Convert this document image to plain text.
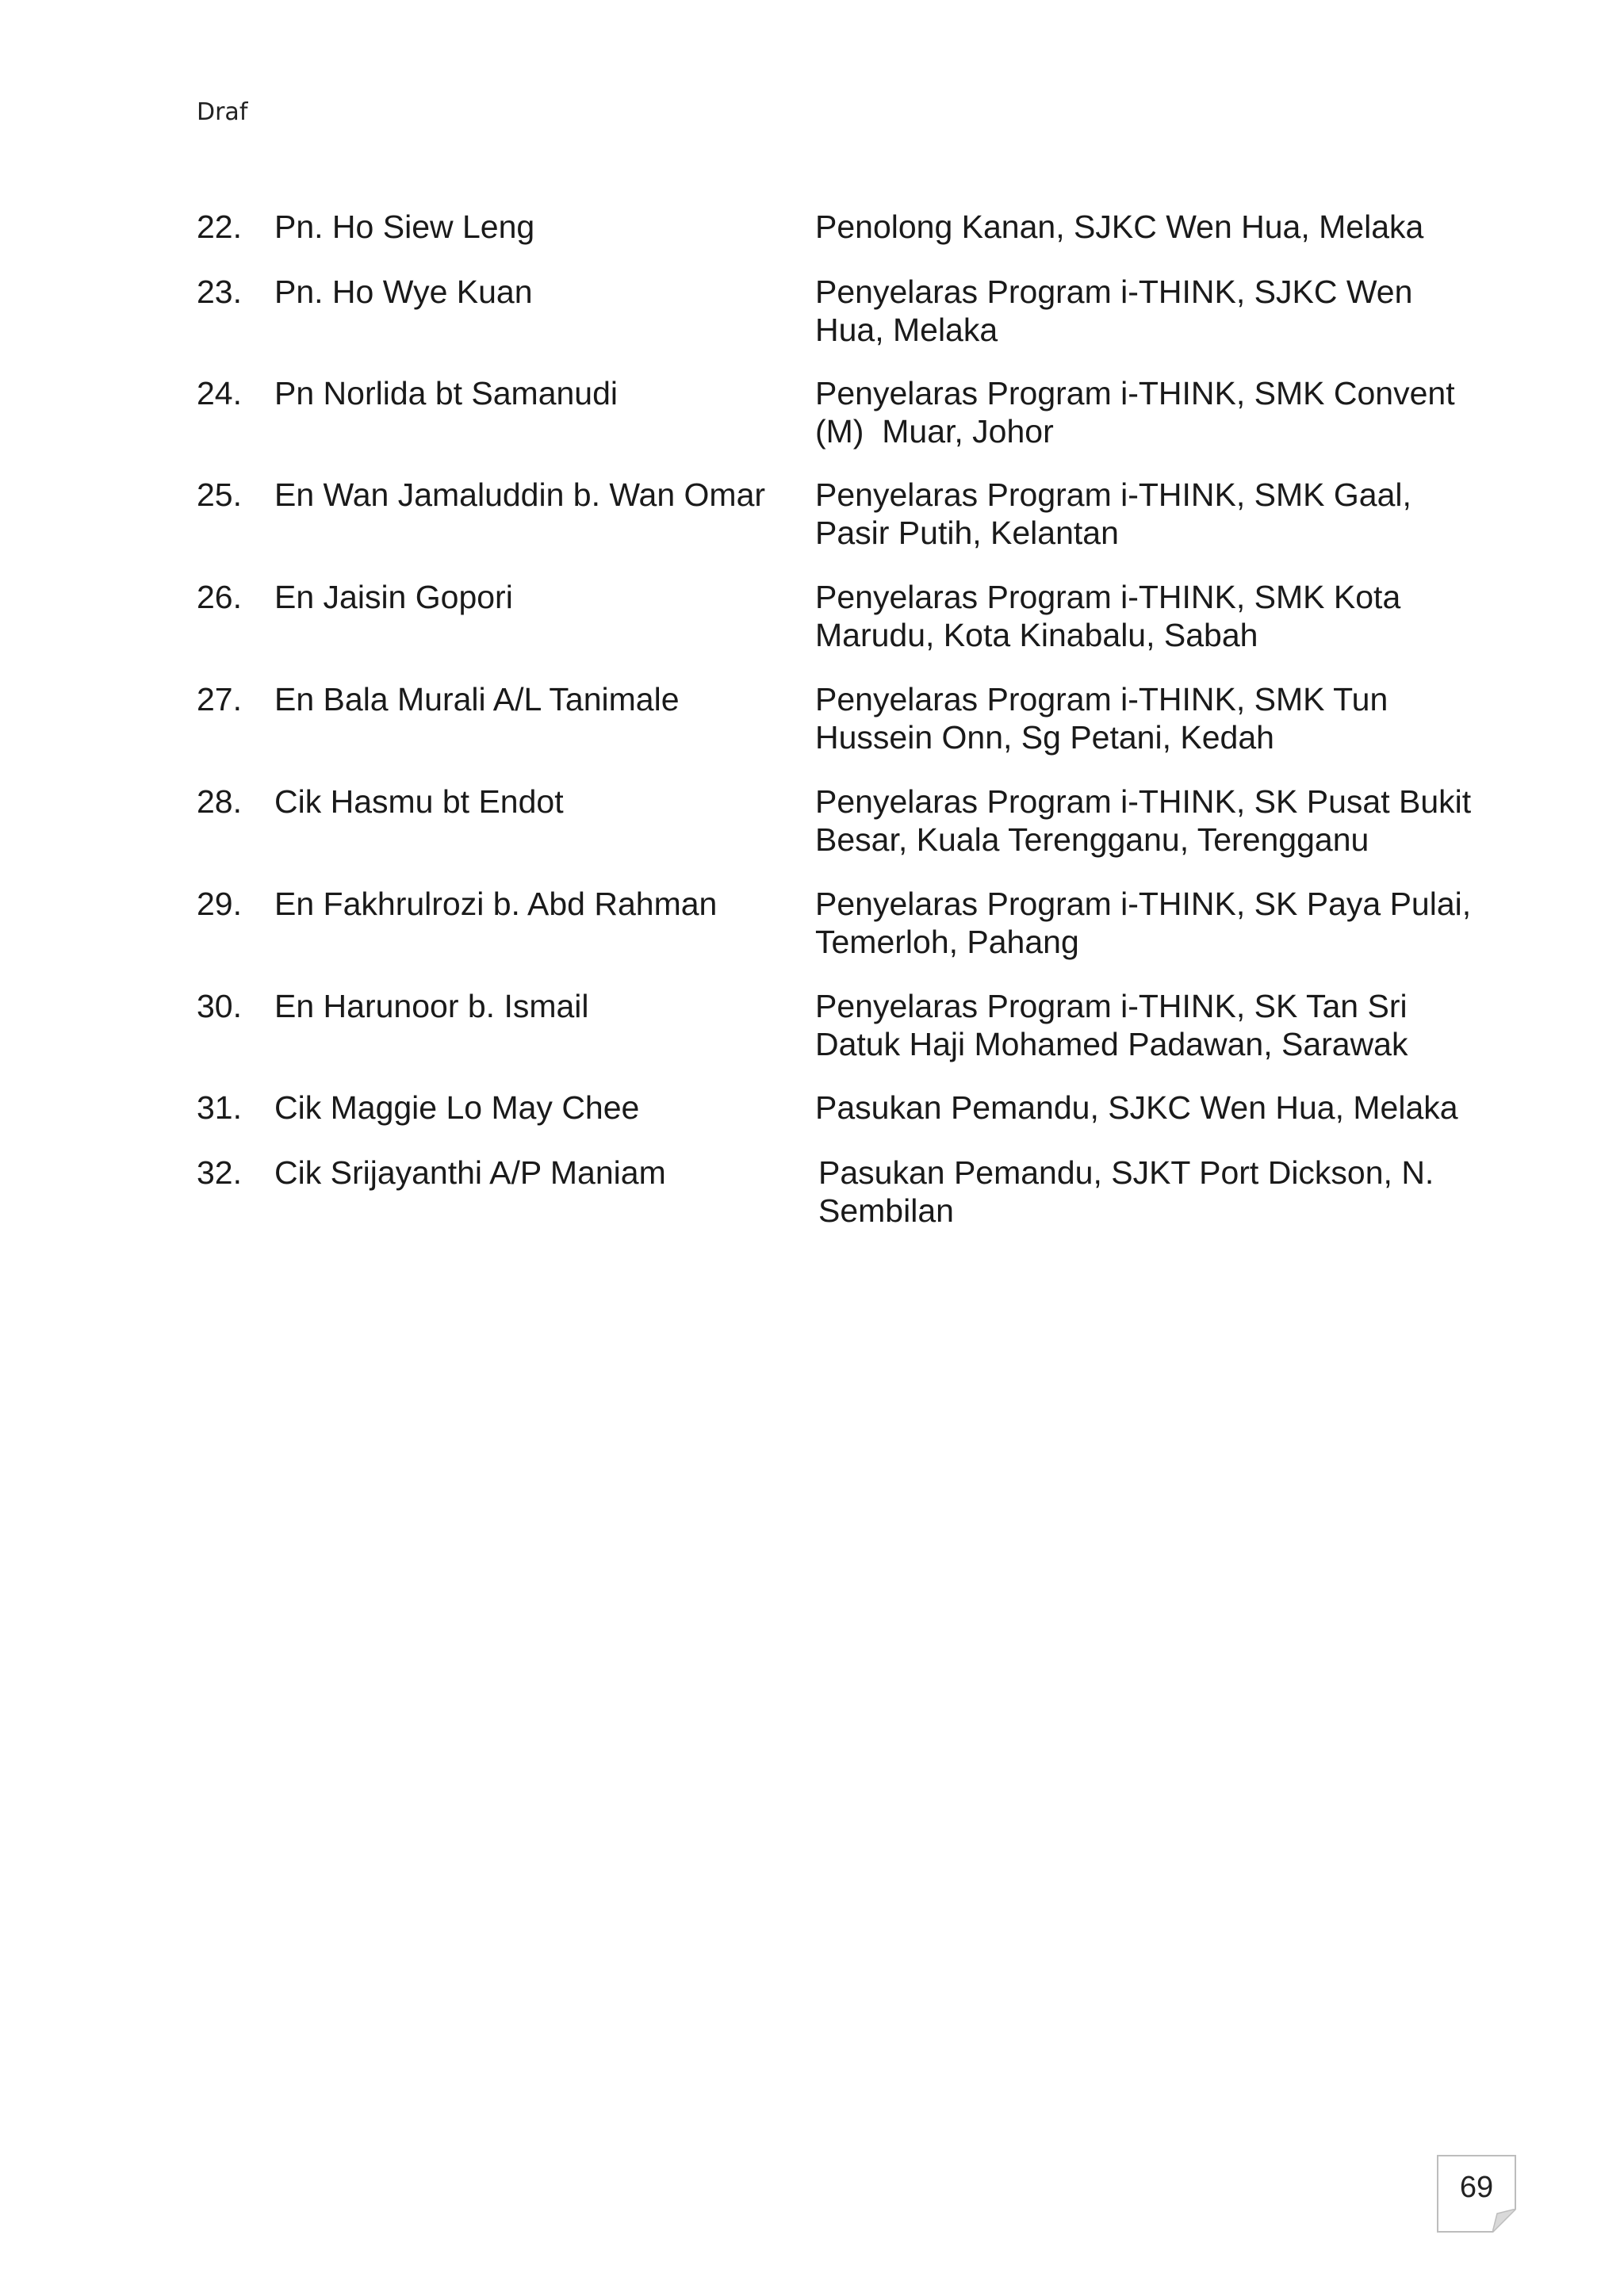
Draf
22.	Pn. Ho Siew Leng	Penolong Kanan, SJKC Wen Hua, Melaka
23.	Pn. Ho Wye Kuan	Penyelaras Program i-THINK, SJKC Wen
Hua, Melaka
24.	Pn Norlida bt Samanudi	Penyelaras Program i-THINK, SMK Convent
(M)  Muar, Johor
25.	En Wan Jamaluddin b. Wan Omar	Penyelaras Program i-THINK, SMK Gaal,
Pasir Putih, Kelantan
26.	En Jaisin Gopori	Penyelaras Program i-THINK, SMK Kota
Marudu, Kota Kinabalu, Sabah
27.	En Bala Murali A/L Tanimale	Penyelaras Program i-THINK, SMK Tun
Hussein Onn, Sg Petani, Kedah
28.	Cik Hasmu bt Endot	Penyelaras Program i-THINK, SK Pusat Bukit
Besar, Kuala Terengganu, Terengganu
29.	En Fakhrulrozi b. Abd Rahman	Penyelaras Program i-THINK, SK Paya Pulai,
Temerloh, Pahang
30.	En Harunoor b. Ismail	Penyelaras Program i-THINK, SK Tan Sri
Datuk Haji Mohamed Padawan, Sarawak
31.	Cik Maggie Lo May Chee	Pasukan Pemandu, SJKC Wen Hua, Melaka
32.	Cik Srijayanthi A/P Maniam	Pasukan Pemandu, SJKT Port Dickson, N.
Sembilan
69
